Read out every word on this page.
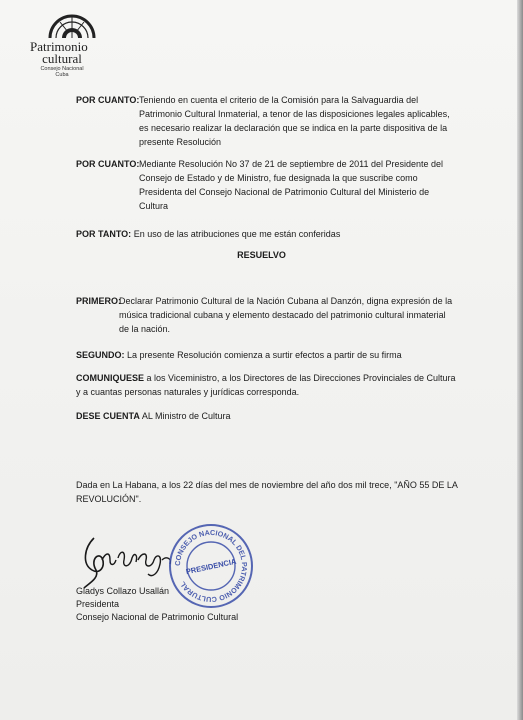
Patrimonio
cultural
Consejo Nacional
Cuba
POR CUANTO: Teniendo en cuenta el criterio de la Comisión para la Salvaguardia del
Patrimonio Cultural Inmaterial, a tenor de las disposiciones legales aplicables,
es necesario realizar la declaración que se indica en la parte dispositiva de la
presente Resolución
POR CUANTO: Mediante Resolución No 37 de 21 de septiembre de 2011 del Presidente del
Consejo de Estado y de Ministro, fue designada la que suscribe como
Presidenta del Consejo Nacional de Patrimonio Cultural del Ministerio de
Cultura
POR TANTO: En uso de las atribuciones que me están conferidas
RESUELVO
PRIMERO:
Declarar Patrimonio Cultural de la Nación Cubana al Danzón, digna expresión de la
música tradicional cubana y elemento destacado del patrimonio cultural inmaterial
de la nación.
SEGUNDO: La presente Resolución comienza a surtir efectos a partir de su firma
COMUNIQUESE a los Viceministro, a los Directores de las Direcciones Provinciales de Cultura
y a cuantas personas naturales y jurídicas corresponda.
DESE CUENTA AL Ministro de Cultura
Dada en La Habana, a los 22 días del mes de noviembre del año dos mil trece, "AÑO 55 DE LA
REVOLUCIÓN".
CONSEJO NACIONAL DEL PATRIMONIO CULTURAL
PRESIDENCIA
Gladys Collazo Usallán
Presidenta
Consejo Nacional de Patrimonio Cultural
